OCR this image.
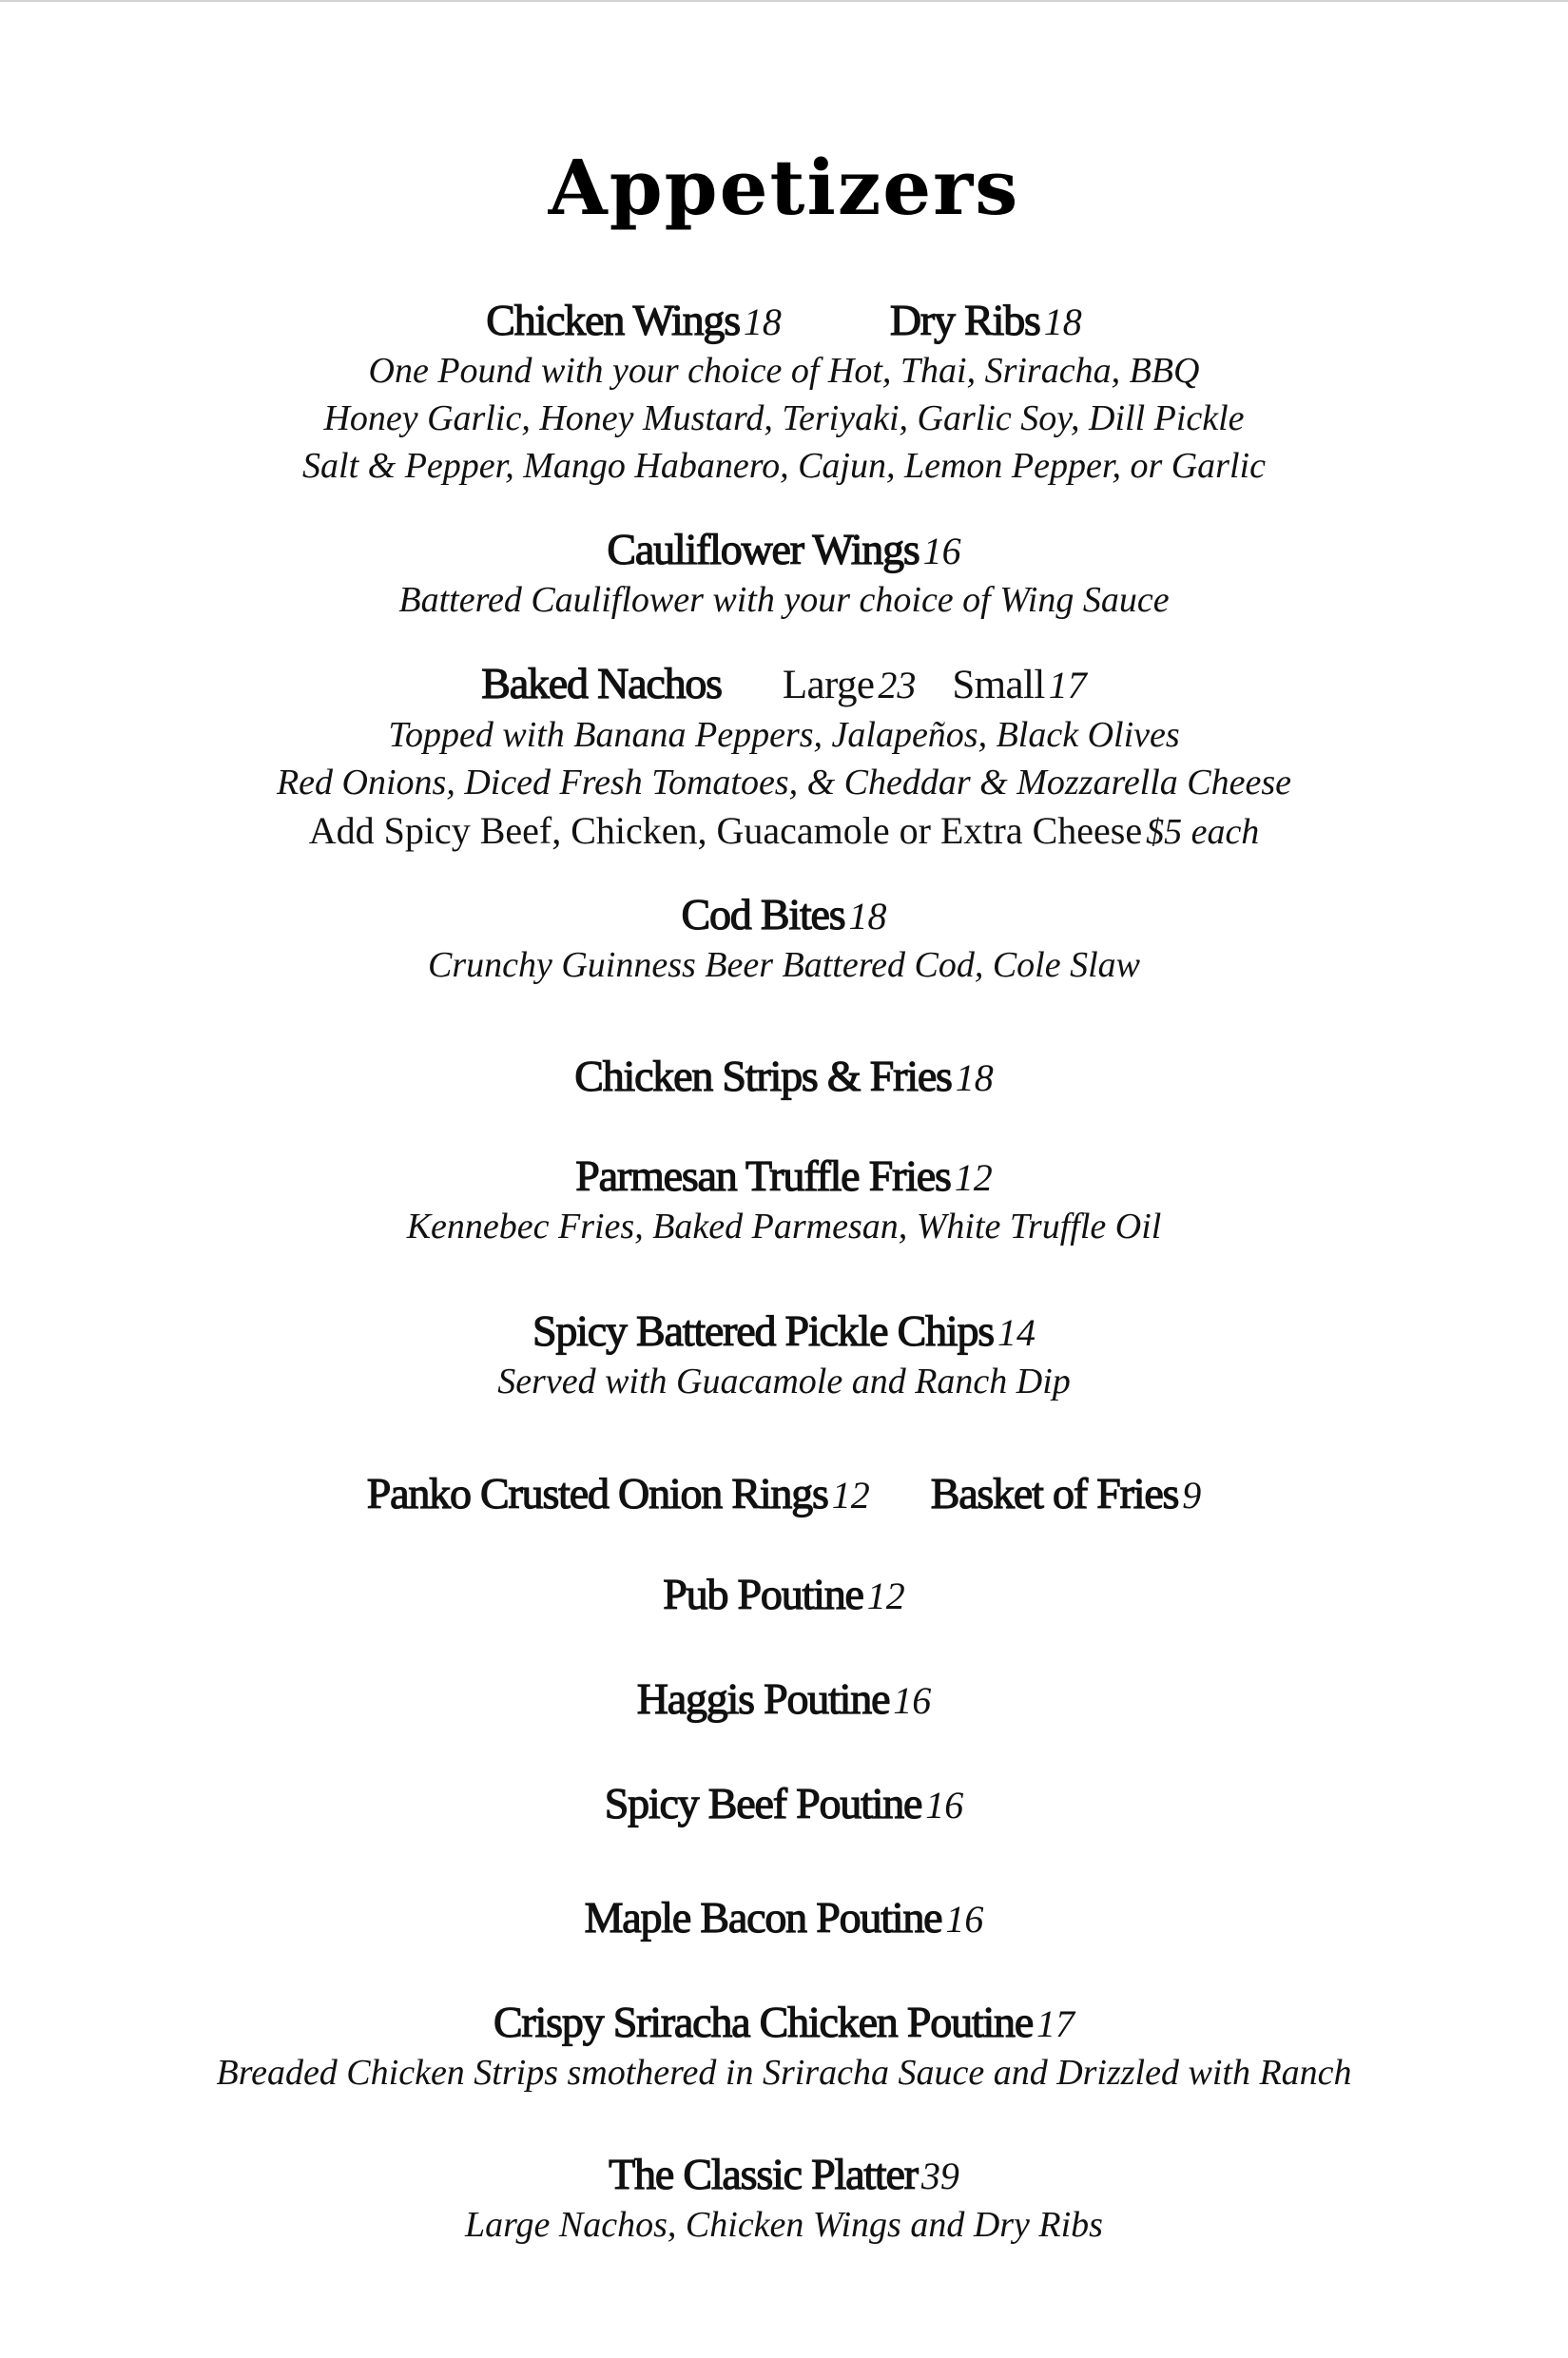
Appetizers
Chicken Wings 18 Dry Ribs 18
One Pound with your choice of Hot, Thai, Sriracha, BBQ
Honey Garlic, Honey Mustard, Teriyaki, Garlic Soy, Dill Pickle
Salt & Pepper, Mango Habanero, Cajun, Lemon Pepper, or Garlic
Cauliflower Wings 16
Battered Cauliflower with your choice of Wing Sauce
Baked Nachos Large 23 Small 17
Topped with Banana Peppers, Jalapeños, Black Olives
Red Onions, Diced Fresh Tomatoes, & Cheddar & Mozzarella Cheese
Add Spicy Beef, Chicken, Guacamole or Extra Cheese $5 each
Cod Bites 18
Crunchy Guinness Beer Battered Cod, Cole Slaw
Chicken Strips & Fries 18
Parmesan Truffle Fries 12
Kennebec Fries, Baked Parmesan, White Truffle Oil
Spicy Battered Pickle Chips 14
Served with Guacamole and Ranch Dip
Panko Crusted Onion Rings 12 Basket of Fries 9
Pub Poutine 12
Haggis Poutine 16
Spicy Beef Poutine 16
Maple Bacon Poutine 16
Crispy Sriracha Chicken Poutine 17
Breaded Chicken Strips smothered in Sriracha Sauce and Drizzled with Ranch
The Classic Platter 39
Large Nachos, Chicken Wings and Dry Ribs
